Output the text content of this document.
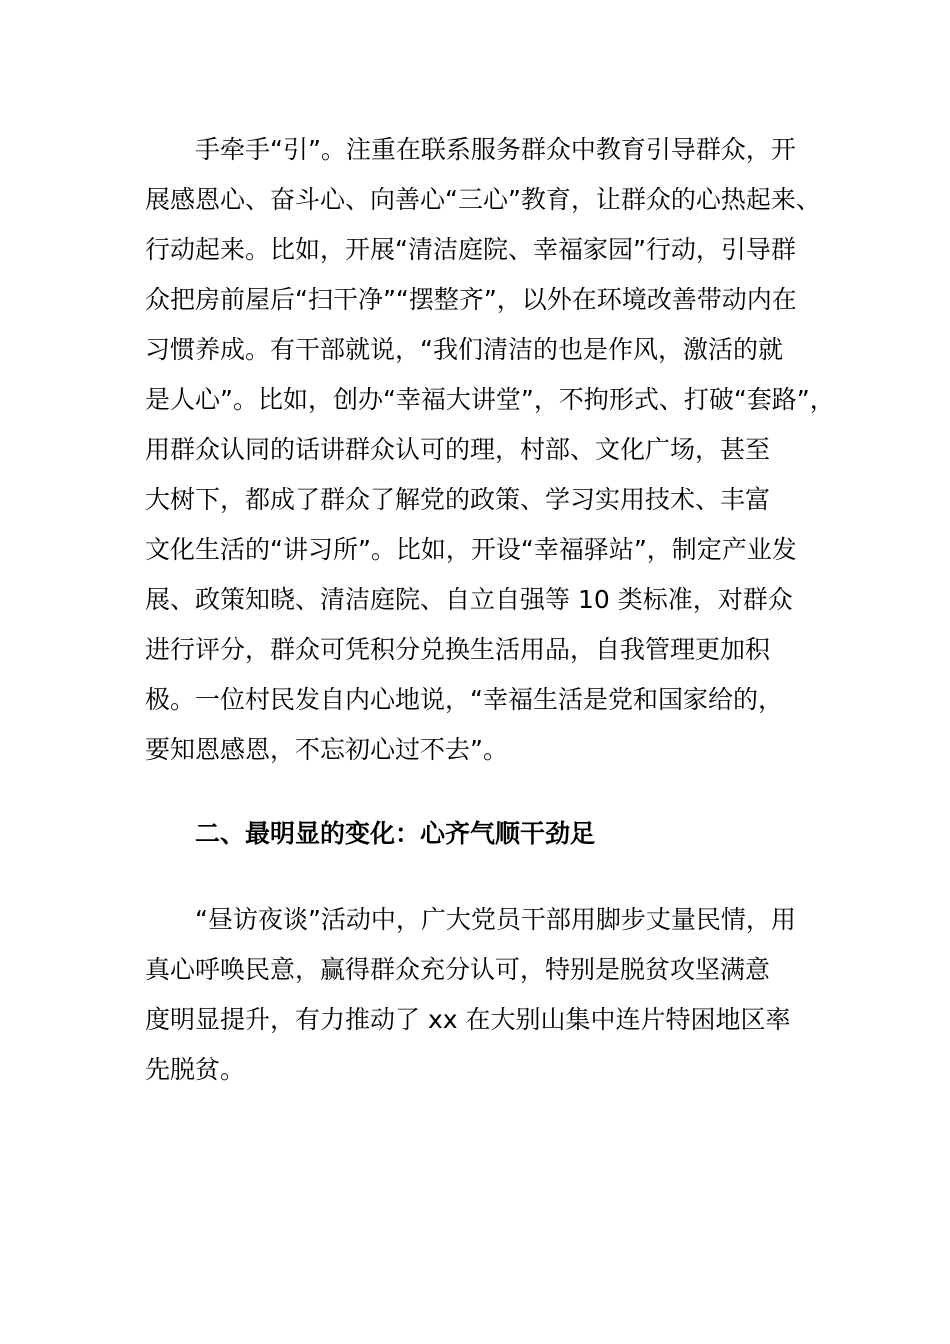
手牵手“引”。注重在联系服务群众中教育引导群众，开
展感恩心、奋斗心、向善心“三心”教育，让群众的心热起来、
行动起来。比如，开展“清洁庭院、幸福家园”行动，引导群
众把房前屋后“扫干净”“摆整齐”，以外在环境改善带动内在
习惯养成。有干部就说，“我们清洁的也是作风，激活的就
是人心”。比如，创办“幸福大讲堂”，不拘形式、打破“套路”，
用群众认同的话讲群众认可的理，村部、文化广场，甚至
大树下，都成了群众了解党的政策、学习实用技术、丰富
文化生活的“讲习所”。比如，开设“幸福驿站”，制定产业发
展、政策知晓、清洁庭院、自立自强等 10 类标准，对群众
进行评分，群众可凭积分兑换生活用品，自我管理更加积
极。一位村民发自内心地说，“幸福生活是党和国家给的，
要知恩感恩，不忘初心过不去”。
二、最明显的变化：心齐气顺干劲足
“昼访夜谈”活动中，广大党员干部用脚步丈量民情，用
真心呼唤民意，赢得群众充分认可，特别是脱贫攻坚满意
度明显提升，有力推动了 xx 在大别山集中连片特困地区率
先脱贫。
